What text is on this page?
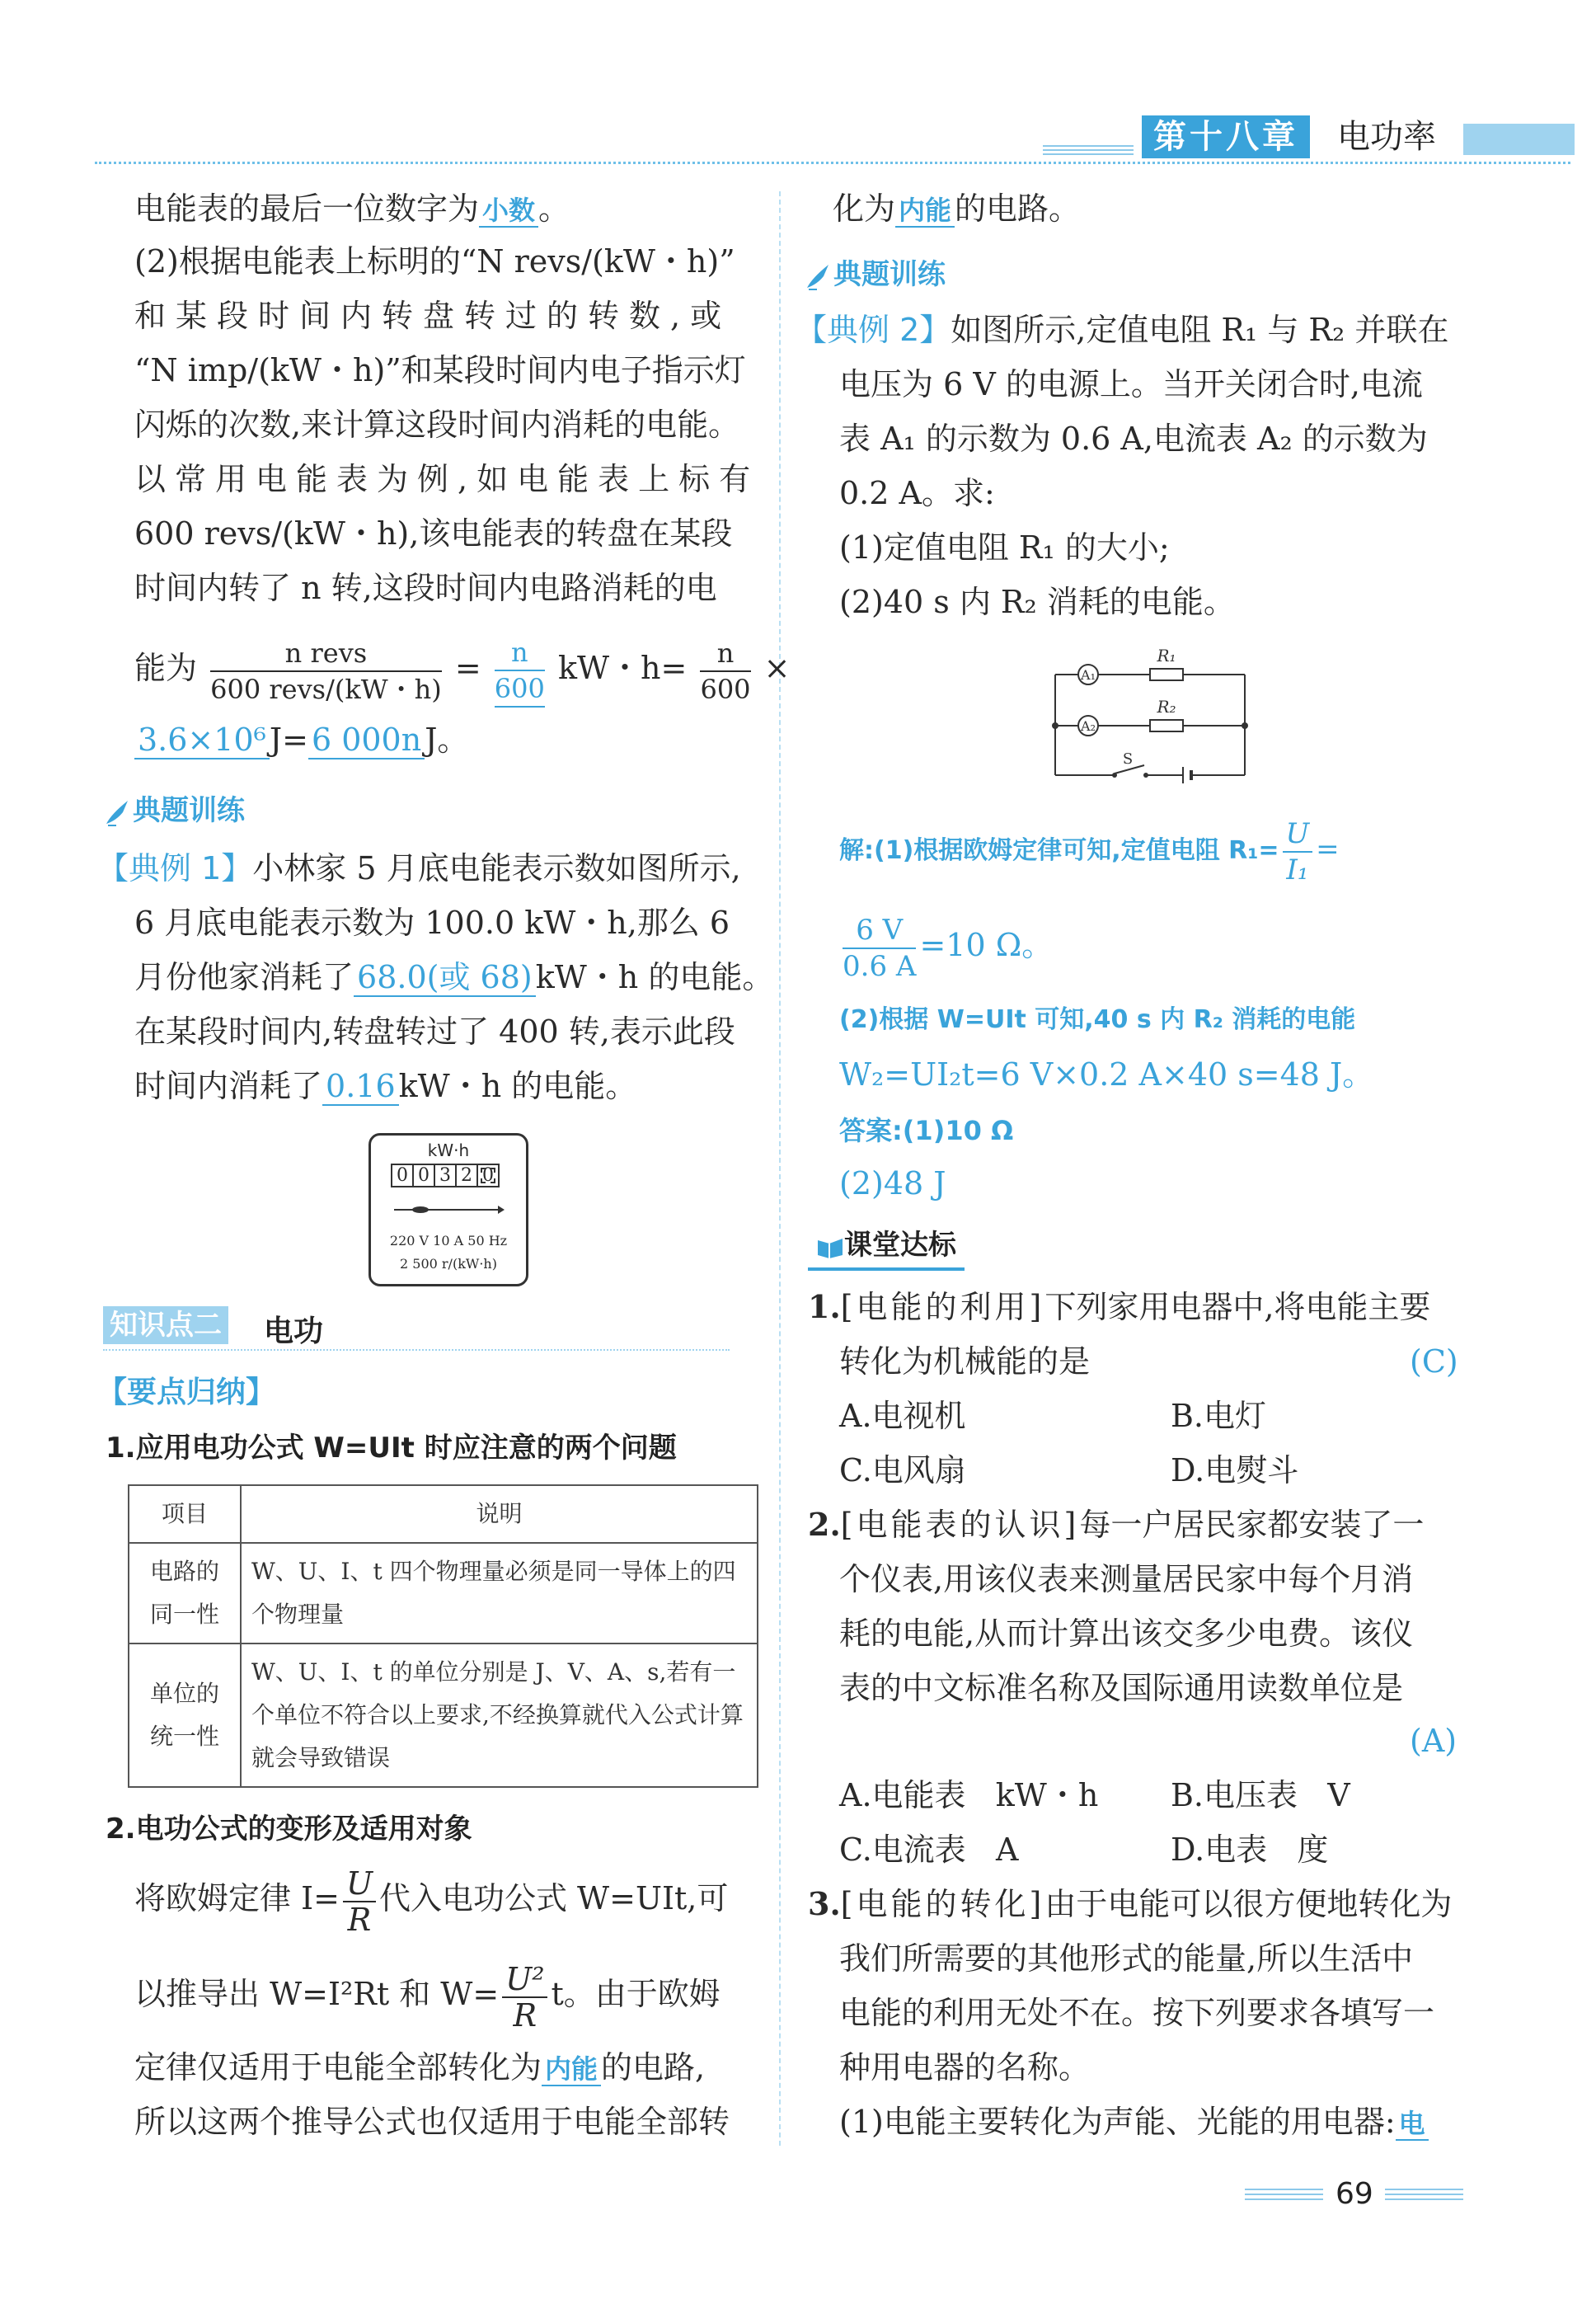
第十八章	电功率
电能表的最后一位数字为 小数 。
(2)根据电能表上标明的“N revs/(kW・h)”
和某段时间内转盘转过的转数,或
“N imp/(kW・h)”和某段时间内电子指示灯
闪烁的次数,来计算这段时间内消耗的电能。
以常用电能表为例,如电能表上标有
600 revs/(kW・h),该电能表的转盘在某段
时间内转了 n 转,这段时间内电路消耗的电
能为 $\frac{\text{n revs}}{\text{600 revs/(kW・h)}} = \frac{n}{600}$ kW・$h= \frac{n}{600}$ ×
3.6×10⁶ J= 6 000n J。
典题训练
【典例 1】小林家 5 月底电能表示数如图所示,
6 月底电能表示数为 100.0 kW・h,那么 6
月份他家消耗了 68.0(或 68) kW・h 的电能。
在某段时间内,转盘转过了 400 转,表示此段
时间内消耗了 0.16 kW・h 的电能。
kW·h
0 0 3 2 0
220 V 10 A 50 Hz
2 500 r/(kW·h)
知识点二 电功
【要点归纳】
1.应用电功公式 W=UIt 时应注意的两个问题
项目	说明
电路的同一性	W、U、I、t 四个物理量必须是同一导体上的四个物理量
单位的统一性	W、U、I、t 的单位分别是 J、V、A、s,若有一个单位不符合以上要求,不经换算就代入公式计算就会导致错误
2.电功公式的变形及适用对象
将欧姆定律 $I= \frac{U}{R}$ 代入电功公式 W=UIt,可
以推导出 W=I²Rt 和 $W= \frac{\text{U²}}{R}$ t。由于欧姆
定律仅适用于电能全部转化为 内能 的电路,
所以这两个推导公式也仅适用于电能全部转
化为 内能 的电路。
典题训练
【典例 2】如图所示,定值电阻 R₁ 与 R₂ 并联在
电压为 6 V 的电源上。当开关闭合时,电流
表 A₁ 的示数为 0.6 A,电流表 A₂ 的示数为
0.2 A。求:
(1)定值电阻 R₁ 的大小;
(2)40 s 内 R₂ 消耗的电能。
A₁
A₂
R₁
R₂
S
解:(1)根据欧姆定律可知,定值电阻 $R_1= \frac{U}{\text{I₁}}$ =
$\frac{6 V}{0.6 A} =10$ Ω。
(2)根据 W=UIt 可知,40 s 内 R₂ 消耗的电能
W₂=UI₂t=6 V×0.2 A×40 s=48 J。
答案:(1)10 Ω
(2)48 J
课堂达标
1.[电能的利用]下列家用电器中,将电能主要
转化为机械能的是	(C)
A.电视机	B.电灯
C.电风扇	D.电熨斗
2.[电能表的认识]每一户居民家都安装了一
个仪表,用该仪表来测量居民家中每个月消
耗的电能,从而计算出该交多少电费。该仪
表的中文标准名称及国际通用读数单位是
(A)
A.电能表   kW・h B.电压表   V
C.电流表   A	D.电表   度
3.[电能的转化]由于电能可以很方便地转化为
我们所需要的其他形式的能量,所以生活中
电能的利用无处不在。按下列要求各填写一
种用电器的名称。
(1)电能主要转化为声能、光能的用电器: 电
69
